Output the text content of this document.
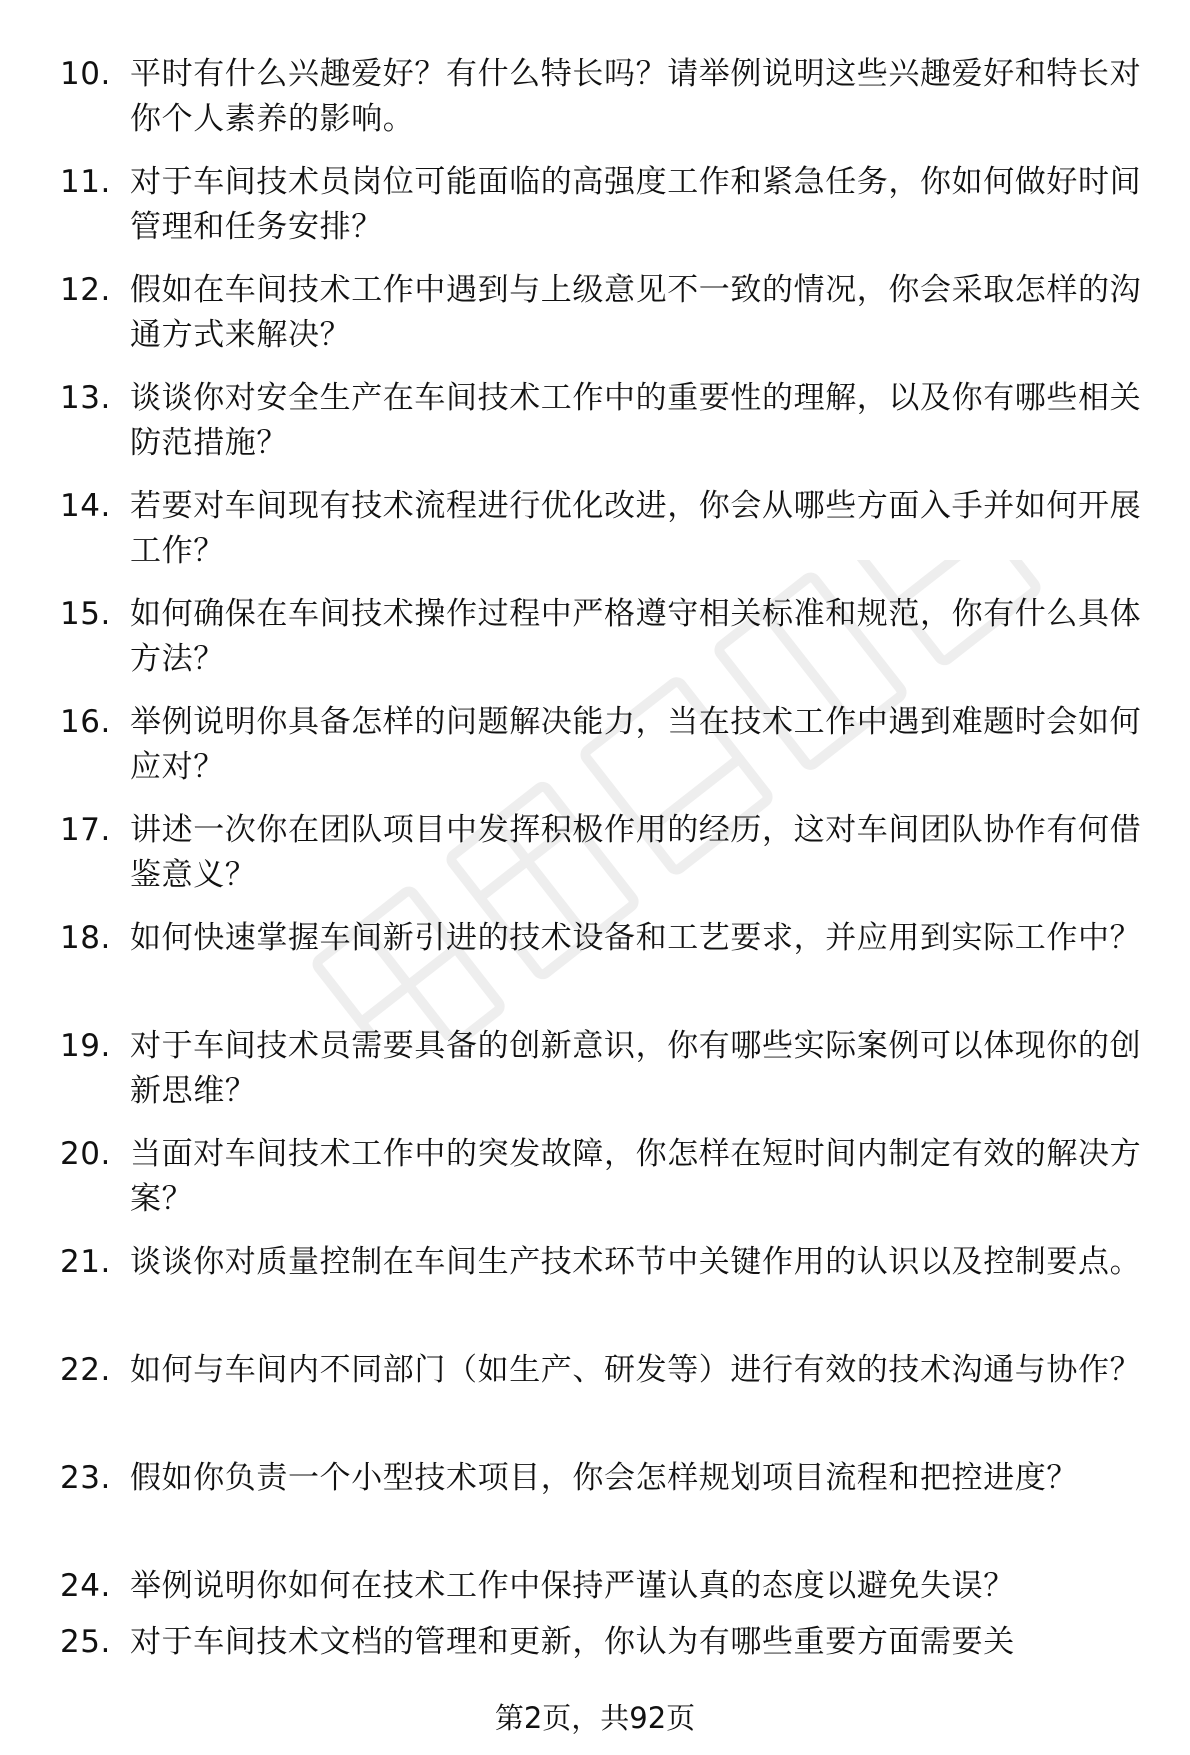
10. 平时有什么兴趣爱好？有什么特长吗？请举例说明这些兴趣爱好和特长对你个人素养的影响。
11. 对于车间技术员岗位可能面临的高强度工作和紧急任务，你如何做好时间管理和任务安排？
12. 假如在车间技术工作中遇到与上级意见不一致的情况，你会采取怎样的沟通方式来解决？
13. 谈谈你对安全生产在车间技术工作中的重要性的理解，以及你有哪些相关防范措施？
14. 若要对车间现有技术流程进行优化改进，你会从哪些方面入手并如何开展工作？
15. 如何确保在车间技术操作过程中严格遵守相关标准和规范，你有什么具体方法？
16. 举例说明你具备怎样的问题解决能力，当在技术工作中遇到难题时会如何应对？
17. 讲述一次你在团队项目中发挥积极作用的经历，这对车间团队协作有何借鉴意义？
18. 如何快速掌握车间新引进的技术设备和工艺要求，并应用到实际工作中？
19. 对于车间技术员需要具备的创新意识，你有哪些实际案例可以体现你的创新思维？
20. 当面对车间技术工作中的突发故障，你怎样在短时间内制定有效的解决方案？
21. 谈谈你对质量控制在车间生产技术环节中关键作用的认识以及控制要点。
22. 如何与车间内不同部门（如生产、研发等）进行有效的技术沟通与协作？
23. 假如你负责一个小型技术项目，你会怎样规划项目流程和把控进度？
24. 举例说明你如何在技术工作中保持严谨认真的态度以避免失误？
25. 对于车间技术文档的管理和更新，你认为有哪些重要方面需要关
第2页，共92页
